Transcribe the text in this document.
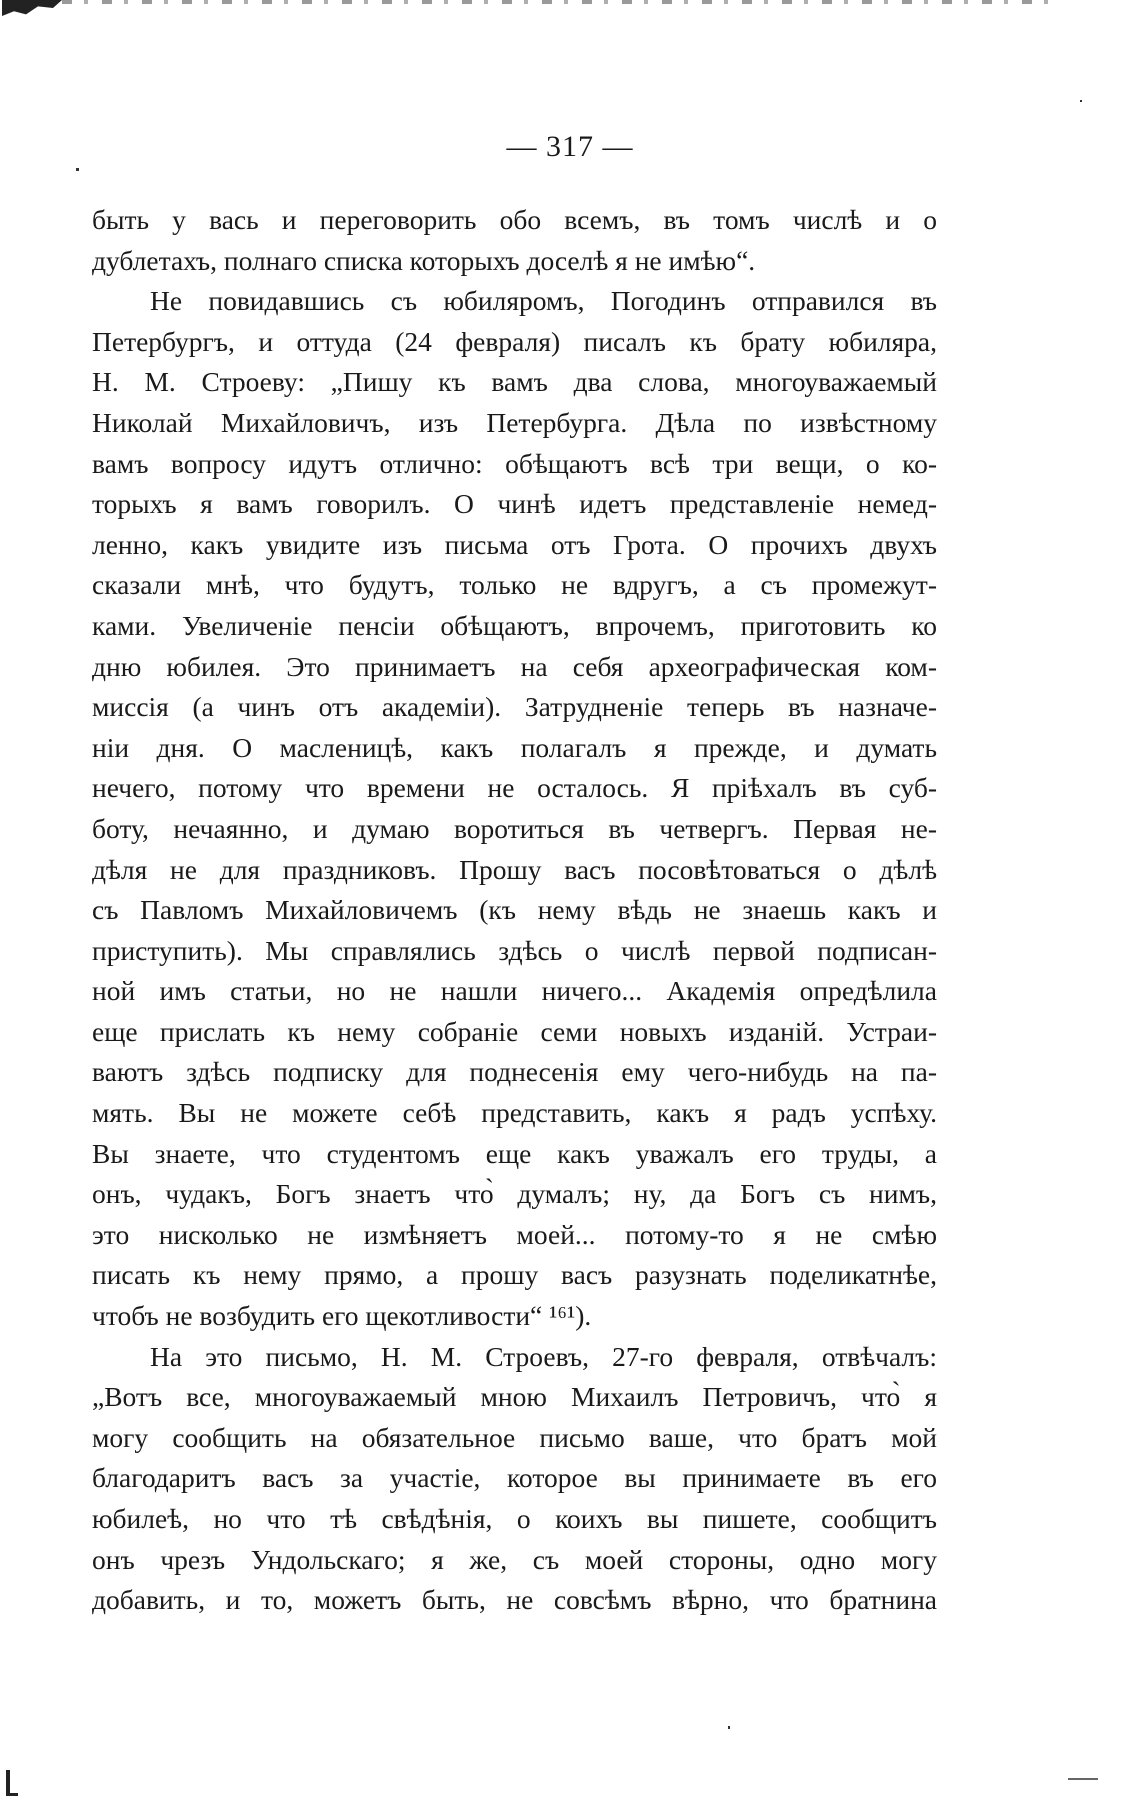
— 317 —
быть у вась и переговорить обо всемъ, въ томъ числѣ и о
дублетахъ, полнаго списка которыхъ доселѣ я не имѣю“.
Не повидавшись съ юбиляромъ, Погодинъ отправился въ
Петербургъ, и оттуда (24 февраля) писалъ къ брату юбиляра,
Н. М. Строеву: „Пишу къ вамъ два слова, многоуважаемый
Николай Михайловичъ, изъ Петербурга. Дѣла по извѣстному
вамъ вопросу идутъ отлично: обѣщаютъ всѣ три вещи, о ко-
торыхъ я вамъ говорилъ. О чинѣ идетъ представленіе немед-
ленно, какъ увидите изъ письма отъ Грота. О прочихъ двухъ
сказали мнѣ, что будутъ, только не вдругъ, а съ промежут-
ками. Увеличеніе пенсіи обѣщаютъ, впрочемъ, приготовить ко
дню юбилея. Это принимаетъ на себя археографическая ком-
миссія (а чинъ отъ академіи). Затрудненіе теперь въ назначе-
ніи дня. О масленицѣ, какъ полагалъ я прежде, и думать
нечего, потому что времени не осталось. Я пріѣхалъ въ суб-
боту, нечаянно, и думаю воротиться въ четвергъ. Первая не-
дѣля не для праздниковъ. Прошу васъ посовѣтоваться о дѣлѣ
съ Павломъ Михайловичемъ (къ нему вѣдь не знаешь какъ и
приступить). Мы справлялись здѣсь о числѣ первой подписан-
ной имъ статьи, но не нашли ничего... Академія опредѣлила
еще прислать къ нему собраніе семи новыхъ изданій. Устраи-
ваютъ здѣсь подписку для поднесенія ему чего-нибудь на па-
мять. Вы не можете себѣ представить, какъ я радъ успѣху.
Вы знаете, что студентомъ еще какъ уважалъ его труды, а
онъ, чудакъ, Богъ знаетъ что̀ думалъ; ну, да Богъ съ нимъ,
это нисколько не измѣняетъ моей... потому-то я не смѣю
писать къ нему прямо, а прошу васъ разузнать поделикатнѣе,
чтобъ не возбудить его щекотливости“ ¹⁶¹).
На это письмо, Н. М. Строевъ, 27-го февраля, отвѣчалъ:
„Вотъ все, многоуважаемый мною Михаилъ Петровичъ, что̀ я
могу сообщить на обязательное письмо ваше, что братъ мой
благодаритъ васъ за участіе, которое вы принимаете въ его
юбилеѣ, но что тѣ свѣдѣнія, о коихъ вы пишете, сообщитъ
онъ чрезъ Ундольскаго; я же, съ моей стороны, одно могу
добавить, и то, можетъ быть, не совсѣмъ вѣрно, что братнина
